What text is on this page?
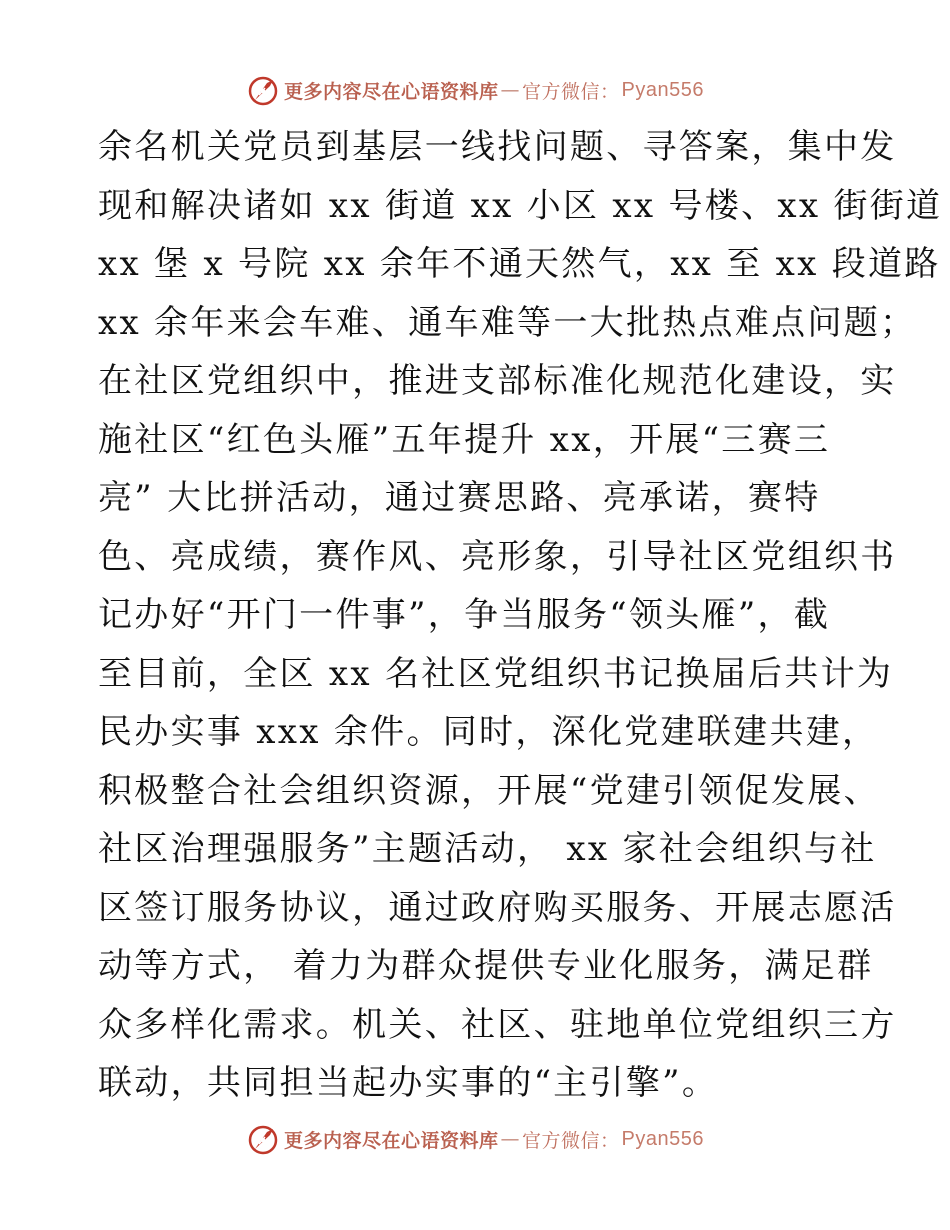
更多内容尽在心语资料库 — 官方微信： Pyan556
余名机关党员到基层一线找问题、寻答案，集中发
现和解决诸如 xx 街道 xx 小区 xx 号楼、xx 街街道
xx 堡 x 号院 xx 余年不通天然气，xx 至 xx 段道路
xx 余年来会车难、通车难等一大批热点难点问题；
在社区党组织中，推进支部标准化规范化建设，实
施社区“红色头雁”五年提升 xx，开展“三赛三
亮” 大比拼活动，通过赛思路、亮承诺，赛特
色、亮成绩，赛作风、亮形象，引导社区党组织书
记办好“开门一件事”，争当服务“领头雁”，截
至目前，全区 xx 名社区党组织书记换届后共计为
民办实事 xxx 余件。同时，深化党建联建共建，
积极整合社会组织资源，开展“党建引领促发展、
社区治理强服务”主题活动， xx 家社会组织与社
区签订服务协议，通过政府购买服务、开展志愿活
动等方式， 着力为群众提供专业化服务，满足群
众多样化需求。机关、社区、驻地单位党组织三方
联动，共同担当起办实事的“主引擎”。
更多内容尽在心语资料库 — 官方微信： Pyan556
